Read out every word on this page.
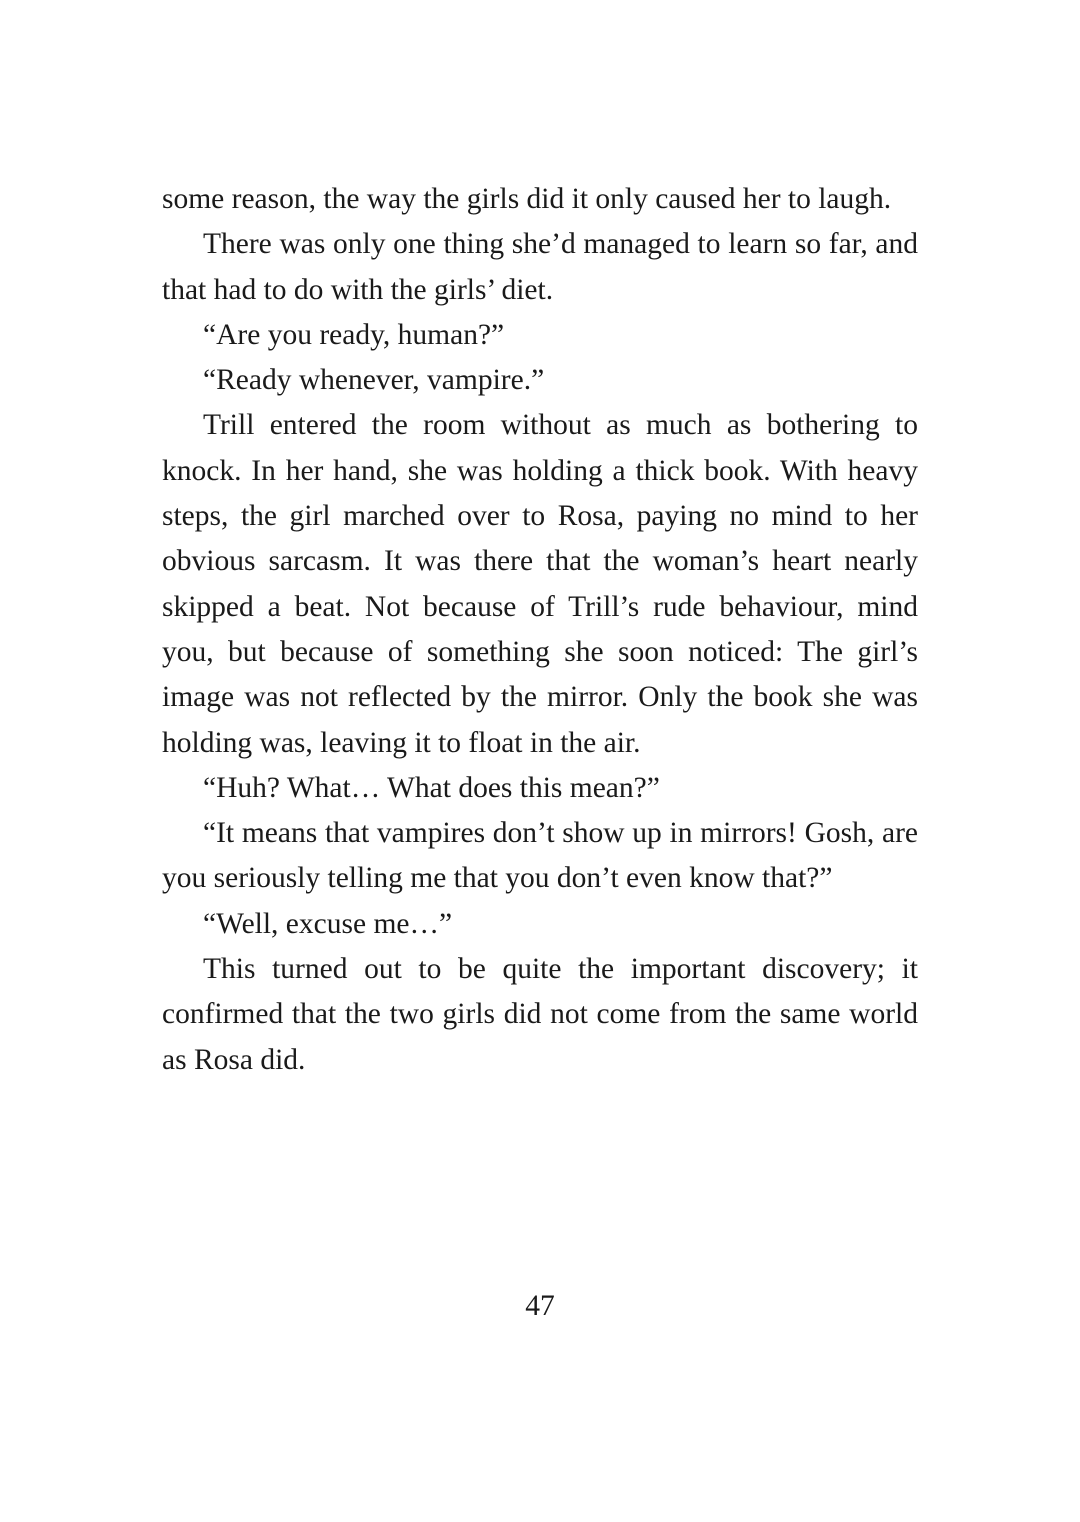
some reason, the way the girls did it only caused her to laugh.

There was only one thing she’d managed to learn so far, and that had to do with the girls’ diet.

“Are you ready, human?”

“Ready whenever, vampire.”

Trill entered the room without as much as bothering to knock. In her hand, she was holding a thick book. With heavy steps, the girl marched over to Rosa, paying no mind to her obvious sarcasm. It was there that the woman’s heart nearly skipped a beat. Not because of Trill’s rude behaviour, mind you, but because of something she soon noticed: The girl’s image was not reflected by the mirror. Only the book she was holding was, leaving it to float in the air.

“Huh? What… What does this mean?”

“It means that vampires don’t show up in mirrors! Gosh, are you seriously telling me that you don’t even know that?”

“Well, excuse me…”

This turned out to be quite the important discovery; it confirmed that the two girls did not come from the same world as Rosa did.

47
